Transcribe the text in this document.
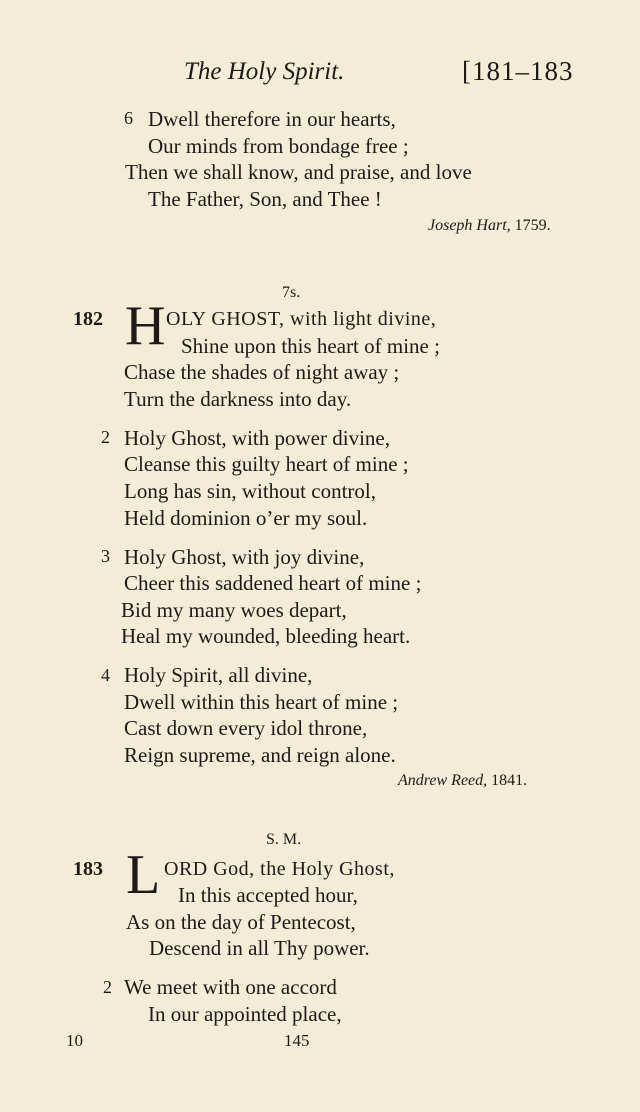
The Holy Spirit.	[181–183
6 Dwell therefore in our hearts,
Our minds from bondage free ;
Then we shall know, and praise, and love
The Father, Son, and Thee !
Joseph Hart, 1759.
7s.
182 H OLY GHOST, with light divine,
Shine upon this heart of mine ;
Chase the shades of night away ;
Turn the darkness into day.
2 Holy Ghost, with power divine,
Cleanse this guilty heart of mine ;
Long has sin, without control,
Held dominion o’er my soul.
3 Holy Ghost, with joy divine,
Cheer this saddened heart of mine ;
Bid my many woes depart,
Heal my wounded, bleeding heart.
4 Holy Spirit, all divine,
Dwell within this heart of mine ;
Cast down every idol throne,
Reign supreme, and reign alone.
Andrew Reed, 1841.
S. M.
183 L ORD God, the Holy Ghost,
In this accepted hour,
As on the day of Pentecost,
Descend in all Thy power.
2 We meet with one accord
In our appointed place,
10	145
